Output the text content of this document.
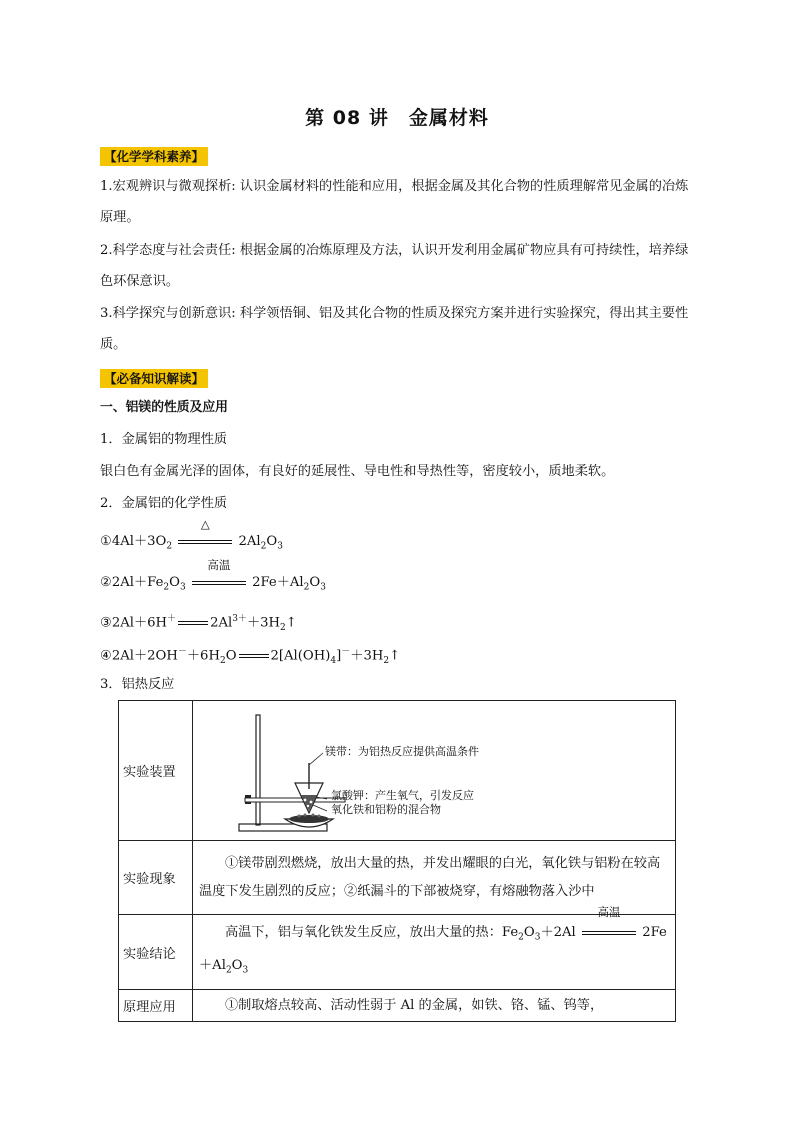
第 08 讲　金属材料
【化学学科素养】
1.宏观辨识与微观探析: 认识金属材料的性能和应用，根据金属及其化合物的性质理解常见金属的冶炼原理。
2.科学态度与社会责任: 根据金属的冶炼原理及方法，认识开发利用金属矿物应具有可持续性，培养绿色环保意识。
3.科学探究与创新意识: 科学领悟铜、铝及其化合物的性质及探究方案并进行实验探究，得出其主要性质。
【必备知识解读】
一、铝镁的性质及应用
1．金属铝的物理性质
银白色有金属光泽的固体，有良好的延展性、导电性和导热性等，密度较小，质地柔软。
2．金属铝的化学性质
$①4Al+3O_2$
△
$2Al_2O_3$
$②2Al+Fe_2O_3$
高温
$2Fe+Al_2O_3$
③2Al＋6H＋	$2Al^{3+}+3H_2↑$
$④2Al+2OH^-+6H_2O$	$2[Al(OH)_4]^-+3H_2↑$
3．铝热反应
实验装置	镁带：为铝热反应提供高温条件
氯酸钾：产生氧气，引发反应
氧化铁和铝粉的混合物

实验现象	①镁带剧烈燃烧，放出大量的热，并发出耀眼的白光，氧化铁与铝粉在较高温度下发生剧烈的反应；②纸漏斗的下部被烧穿，有熔融物落入沙中
实验结论	高温下，铝与氧化铁发生反应，放出大量的热：$Fe_2O_3+2Al$
高温
$2Fe+Al_2O_3$
原理应用	①制取熔点较高、活动性弱于 Al 的金属，如铁、铬、锰、钨等，
